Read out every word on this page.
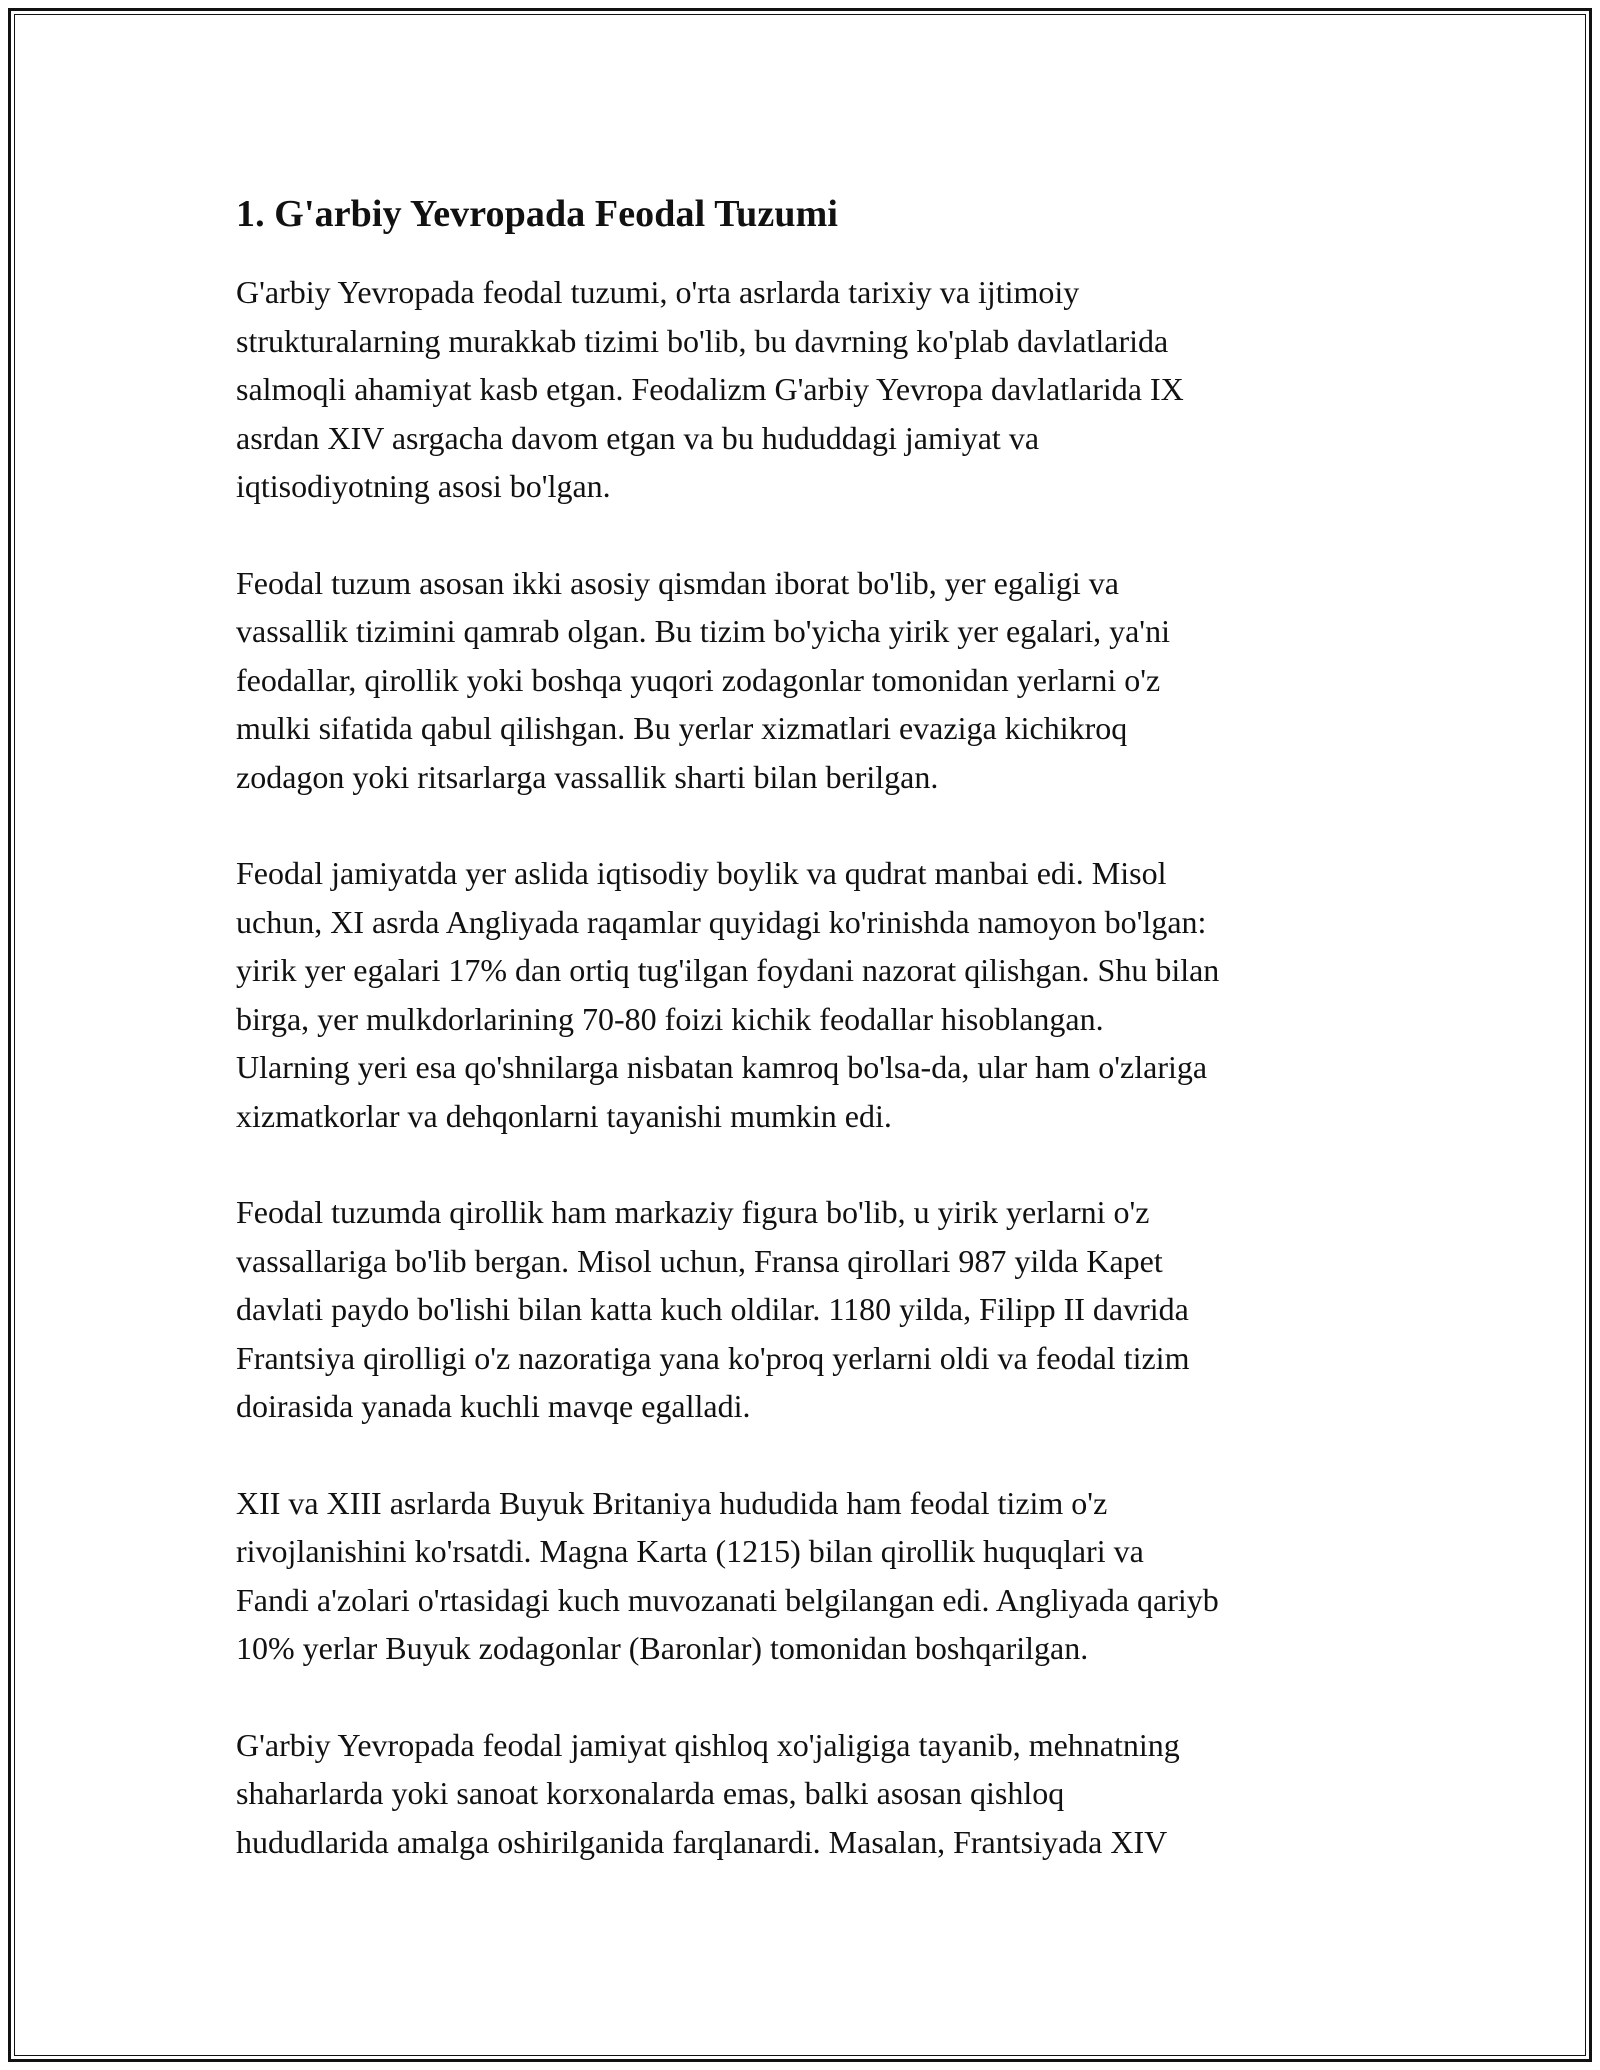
1. G'arbiy Yevropada Feodal Tuzumi

G'arbiy Yevropada feodal tuzumi, o'rta asrlarda tarixiy va ijtimoiy
strukturalarning murakkab tizimi bo'lib, bu davrning ko'plab davlatlarida
salmoqli ahamiyat kasb etgan. Feodalizm G'arbiy Yevropa davlatlarida IX
asrdan XIV asrgacha davom etgan va bu hududdagi jamiyat va
iqtisodiyotning asosi bo'lgan.

Feodal tuzum asosan ikki asosiy qismdan iborat bo'lib, yer egaligi va
vassallik tizimini qamrab olgan. Bu tizim bo'yicha yirik yer egalari, ya'ni
feodallar, qirollik yoki boshqa yuqori zodagonlar tomonidan yerlarni o'z
mulki sifatida qabul qilishgan. Bu yerlar xizmatlari evaziga kichikroq
zodagon yoki ritsarlarga vassallik sharti bilan berilgan.

Feodal jamiyatda yer aslida iqtisodiy boylik va qudrat manbai edi. Misol
uchun, XI asrda Angliyada raqamlar quyidagi ko'rinishda namoyon bo'lgan:
yirik yer egalari 17% dan ortiq tug'ilgan foydani nazorat qilishgan. Shu bilan
birga, yer mulkdorlarining 70-80 foizi kichik feodallar hisoblangan.
Ularning yeri esa qo'shnilarga nisbatan kamroq bo'lsa-da, ular ham o'zlariga
xizmatkorlar va dehqonlarni tayanishi mumkin edi.

Feodal tuzumda qirollik ham markaziy figura bo'lib, u yirik yerlarni o'z
vassallariga bo'lib bergan. Misol uchun, Fransa qirollari 987 yilda Kapet
davlati paydo bo'lishi bilan katta kuch oldilar. 1180 yilda, Filipp II davrida
Frantsiya qirolligi o'z nazoratiga yana ko'proq yerlarni oldi va feodal tizim
doirasida yanada kuchli mavqe egalladi.

XII va XIII asrlarda Buyuk Britaniya hududida ham feodal tizim o'z
rivojlanishini ko'rsatdi. Magna Karta (1215) bilan qirollik huquqlari va
Fandi a'zolari o'rtasidagi kuch muvozanati belgilangan edi. Angliyada qariyb
10% yerlar Buyuk zodagonlar (Baronlar) tomonidan boshqarilgan.

G'arbiy Yevropada feodal jamiyat qishloq xo'jaligiga tayanib, mehnatning
shaharlarda yoki sanoat korxonalarda emas, balki asosan qishloq
hududlarida amalga oshirilganida farqlanardi. Masalan, Frantsiyada XIV
